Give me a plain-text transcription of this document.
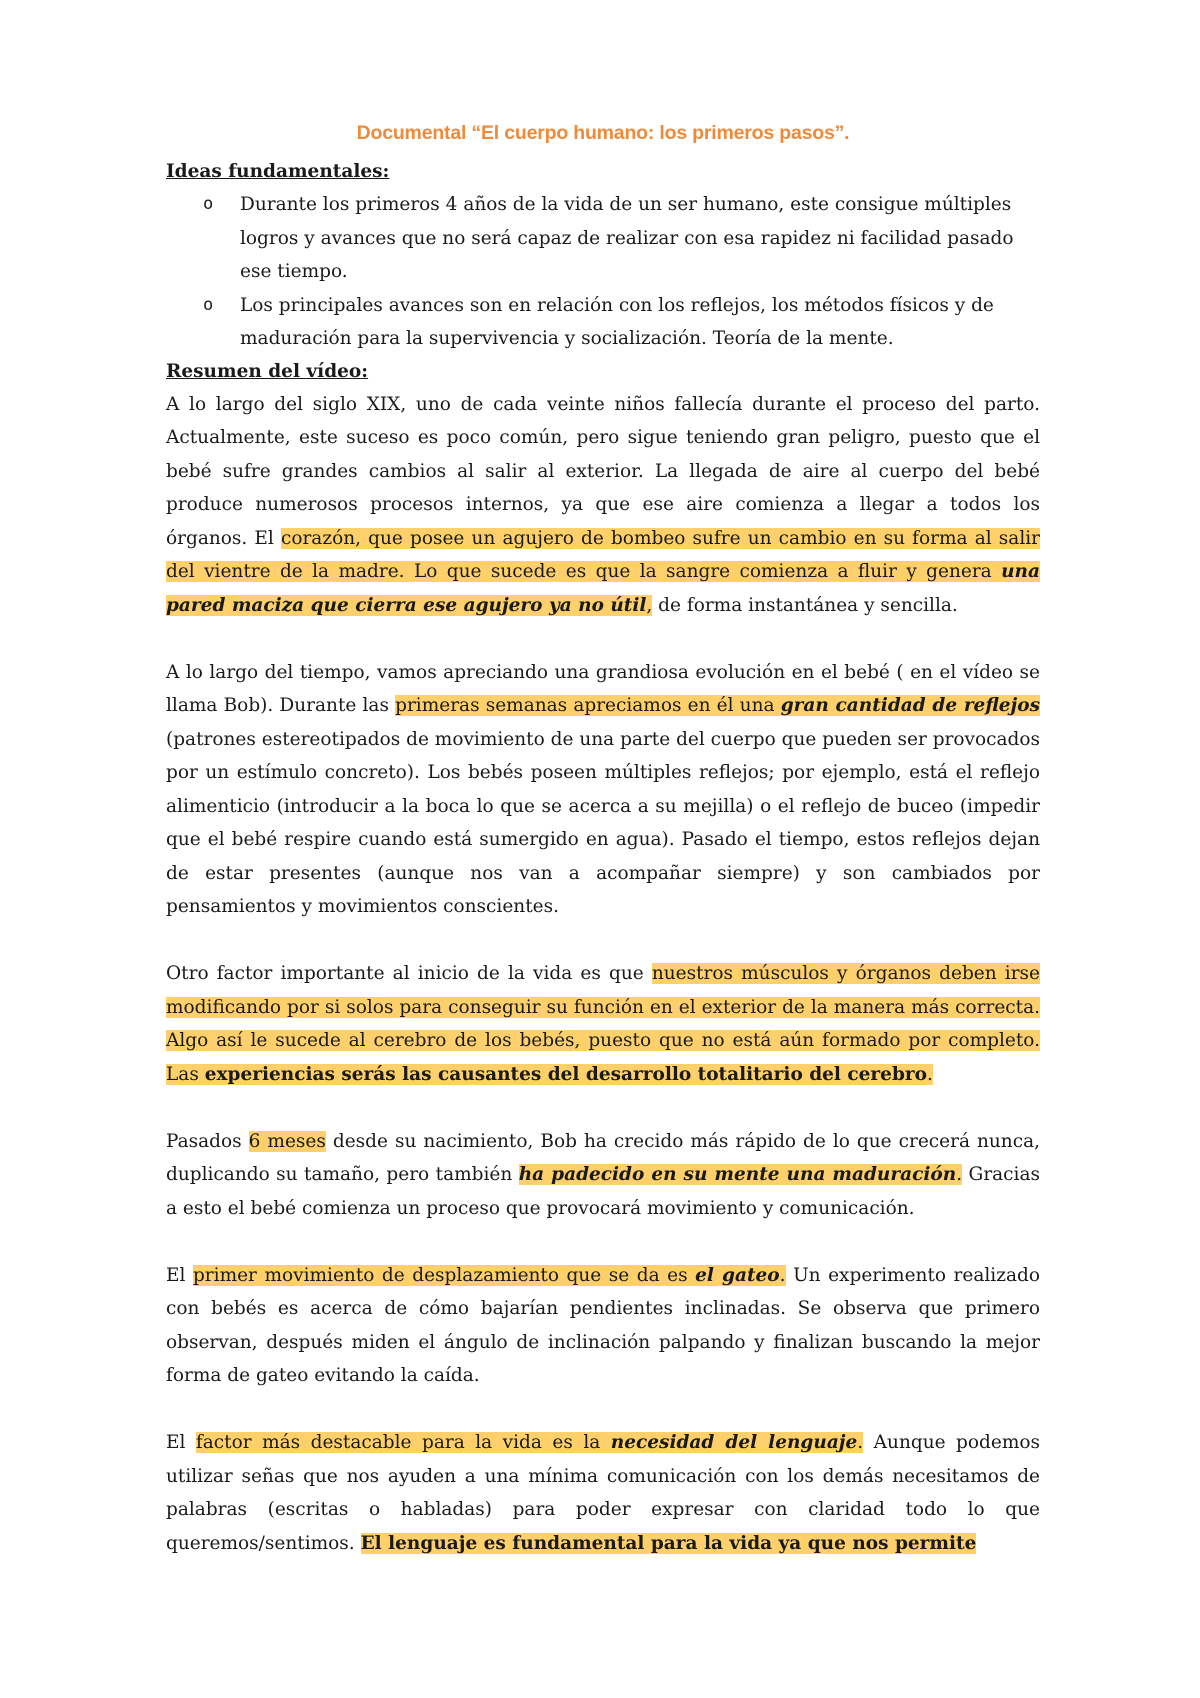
Documental “El cuerpo humano: los primeros pasos”.
Ideas fundamentales:
o Durante los primeros 4 años de la vida de un ser humano, este consigue múltiples logros y avances que no será capaz de realizar con esa rapidez ni facilidad pasado ese tiempo.
o Los principales avances son en relación con los reflejos, los métodos físicos y de maduración para la supervivencia y socialización. Teoría de la mente.
Resumen del vídeo:

A lo largo del siglo XIX, uno de cada veinte niños fallecía durante el proceso del parto. Actualmente, este suceso es poco común, pero sigue teniendo gran peligro, puesto que el bebé sufre grandes cambios al salir al exterior. La llegada de aire al cuerpo del bebé produce numerosos procesos internos, ya que ese aire comienza a llegar a todos los órganos. El corazón, que posee un agujero de bombeo sufre un cambio en su forma al salir del vientre de la madre. Lo que sucede es que la sangre comienza a fluir y genera una pared maciza que cierra ese agujero ya no útil, de forma instantánea y sencilla.

A lo largo del tiempo, vamos apreciando una grandiosa evolución en el bebé ( en el vídeo se llama Bob). Durante las primeras semanas apreciamos en él una gran cantidad de reflejos (patrones estereotipados de movimiento de una parte del cuerpo que pueden ser provocados por un estímulo concreto). Los bebés poseen múltiples reflejos; por ejemplo, está el reflejo alimenticio (introducir a la boca lo que se acerca a su mejilla) o el reflejo de buceo (impedir que el bebé respire cuando está sumergido en agua). Pasado el tiempo, estos reflejos dejan de estar presentes (aunque nos van a acompañar siempre) y son cambiados por pensamientos y movimientos conscientes.

Otro factor importante al inicio de la vida es que nuestros músculos y órganos deben irse modificando por si solos para conseguir su función en el exterior de la manera más correcta. Algo así le sucede al cerebro de los bebés, puesto que no está aún formado por completo. Las experiencias serás las causantes del desarrollo totalitario del cerebro.

Pasados 6 meses desde su nacimiento, Bob ha crecido más rápido de lo que crecerá nunca, duplicando su tamaño, pero también ha padecido en su mente una maduración. Gracias a esto el bebé comienza un proceso que provocará movimiento y comunicación.

El primer movimiento de desplazamiento que se da es el gateo. Un experimento realizado con bebés es acerca de cómo bajarían pendientes inclinadas. Se observa que primero observan, después miden el ángulo de inclinación palpando y finalizan buscando la mejor forma de gateo evitando la caída.

El factor más destacable para la vida es la necesidad del lenguaje. Aunque podemos utilizar señas que nos ayuden a una mínima comunicación con los demás necesitamos de palabras (escritas o habladas) para poder expresar con claridad todo lo que queremos/sentimos. El lenguaje es fundamental para la vida ya que nos permite
